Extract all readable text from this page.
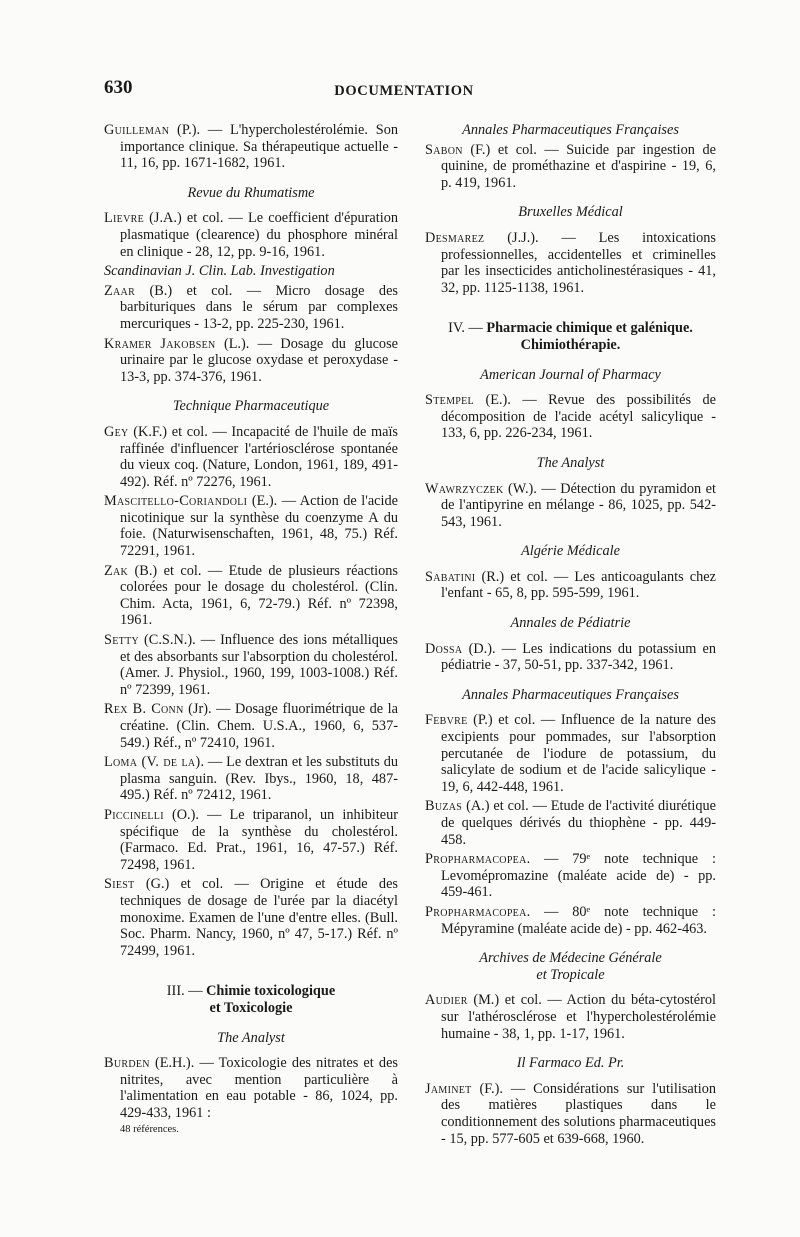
630	DOCUMENTATION
Guilleman (P.). — L'hypercholestérolémie. Son importance clinique. Sa thérapeutique actuelle - 11, 16, pp. 1671-1682, 1961.
Revue du Rhumatisme
Lievre (J.A.) et col. — Le coefficient d'épuration plasmatique (clearence) du phosphore minéral en clinique - 28, 12, pp. 9-16, 1961.
Scandinavian J. Clin. Lab. Investigation
Zaar (B.) et col. — Micro dosage des barbituriques dans le sérum par complexes mercuriques - 13-2, pp. 225-230, 1961.
Kramer Jakobsen (L.). — Dosage du glucose urinaire par le glucose oxydase et peroxydase - 13-3, pp. 374-376, 1961.
Technique Pharmaceutique
Gey (K.F.) et col. — Incapacité de l'huile de maïs raffinée d'influencer l'artériosclérose spontanée du vieux coq. (Nature, London, 1961, 189, 491-492). Réf. nº 72276, 1961.
Mascitello-Coriandoli (E.). — Action de l'acide nicotinique sur la synthèse du coenzyme A du foie. (Naturwisenschaften, 1961, 48, 75.) Réf. 72291, 1961.
Zak (B.) et col. — Etude de plusieurs réactions colorées pour le dosage du cholestérol. (Clin. Chim. Acta, 1961, 6, 72-79.) Réf. nº 72398, 1961.
Setty (C.S.N.). — Influence des ions métalliques et des absorbants sur l'absorption du cholestérol. (Amer. J. Physiol., 1960, 199, 1003-1008.) Réf. nº 72399, 1961.
Rex B. Conn (Jr). — Dosage fluorimétrique de la créatine. (Clin. Chem. U.S.A., 1960, 6, 537-549.) Réf., nº 72410, 1961.
Loma (V. de la). — Le dextran et les substituts du plasma sanguin. (Rev. Ibys., 1960, 18, 487-495.) Réf. nº 72412, 1961.
Piccinelli (O.). — Le triparanol, un inhibiteur spécifique de la synthèse du cholestérol. (Farmaco. Ed. Prat., 1961, 16, 47-57.) Réf. 72498, 1961.
Siest (G.) et col. — Origine et étude des techniques de dosage de l'urée par la diacétyl monoxime. Examen de l'une d'entre elles. (Bull. Soc. Pharm. Nancy, 1960, nº 47, 5-17.) Réf. nº 72499, 1961.
III. — Chimie toxicologique
et Toxicologie
The Analyst
Burden (E.H.). — Toxicologie des nitrates et des nitrites, avec mention particulière à l'alimentation en eau potable - 86, 1024, pp. 429-433, 1961 :
48 références.
Annales Pharmaceutiques Françaises
Sabon (F.) et col. — Suicide par ingestion de quinine, de prométhazine et d'aspirine - 19, 6, p. 419, 1961.
Bruxelles Médical
Desmarez (J.J.). — Les intoxications professionnelles, accidentelles et criminelles par les insecticides anticholinestérasiques - 41, 32, pp. 1125-1138, 1961.
IV. — Pharmacie chimique et galénique.
Chimiothérapie.
American Journal of Pharmacy
Stempel (E.). — Revue des possibilités de décomposition de l'acide acétyl salicylique - 133, 6, pp. 226-234, 1961.
The Analyst
Wawrzyczek (W.). — Détection du pyramidon et de l'antipyrine en mélange - 86, 1025, pp. 542-543, 1961.
Algérie Médicale
Sabatini (R.) et col. — Les anticoagulants chez l'enfant - 65, 8, pp. 595-599, 1961.
Annales de Pédiatrie
Dossa (D.). — Les indications du potassium en pédiatrie - 37, 50-51, pp. 337-342, 1961.
Annales Pharmaceutiques Françaises
Febvre (P.) et col. — Influence de la nature des excipients pour pommades, sur l'absorption percutanée de l'iodure de potassium, du salicylate de sodium et de l'acide salicylique - 19, 6, 442-448, 1961.
Buzas (A.) et col. — Etude de l'activité diurétique de quelques dérivés du thiophène - pp. 449-458.
Propharmacopea. — 79ᵉ note technique : Levomépromazine (maléate acide de) - pp. 459-461.
Propharmacopea. — 80ᵉ note technique : Mépyramine (maléate acide de) - pp. 462-463.
Archives de Médecine Générale
et Tropicale
Audier (M.) et col. — Action du béta-cytostérol sur l'athérosclérose et l'hypercholestérolémie humaine - 38, 1, pp. 1-17, 1961.
Il Farmaco Ed. Pr.
Jaminet (F.). — Considérations sur l'utilisation des matières plastiques dans le conditionnement des solutions pharmaceutiques - 15, pp. 577-605 et 639-668, 1960.
